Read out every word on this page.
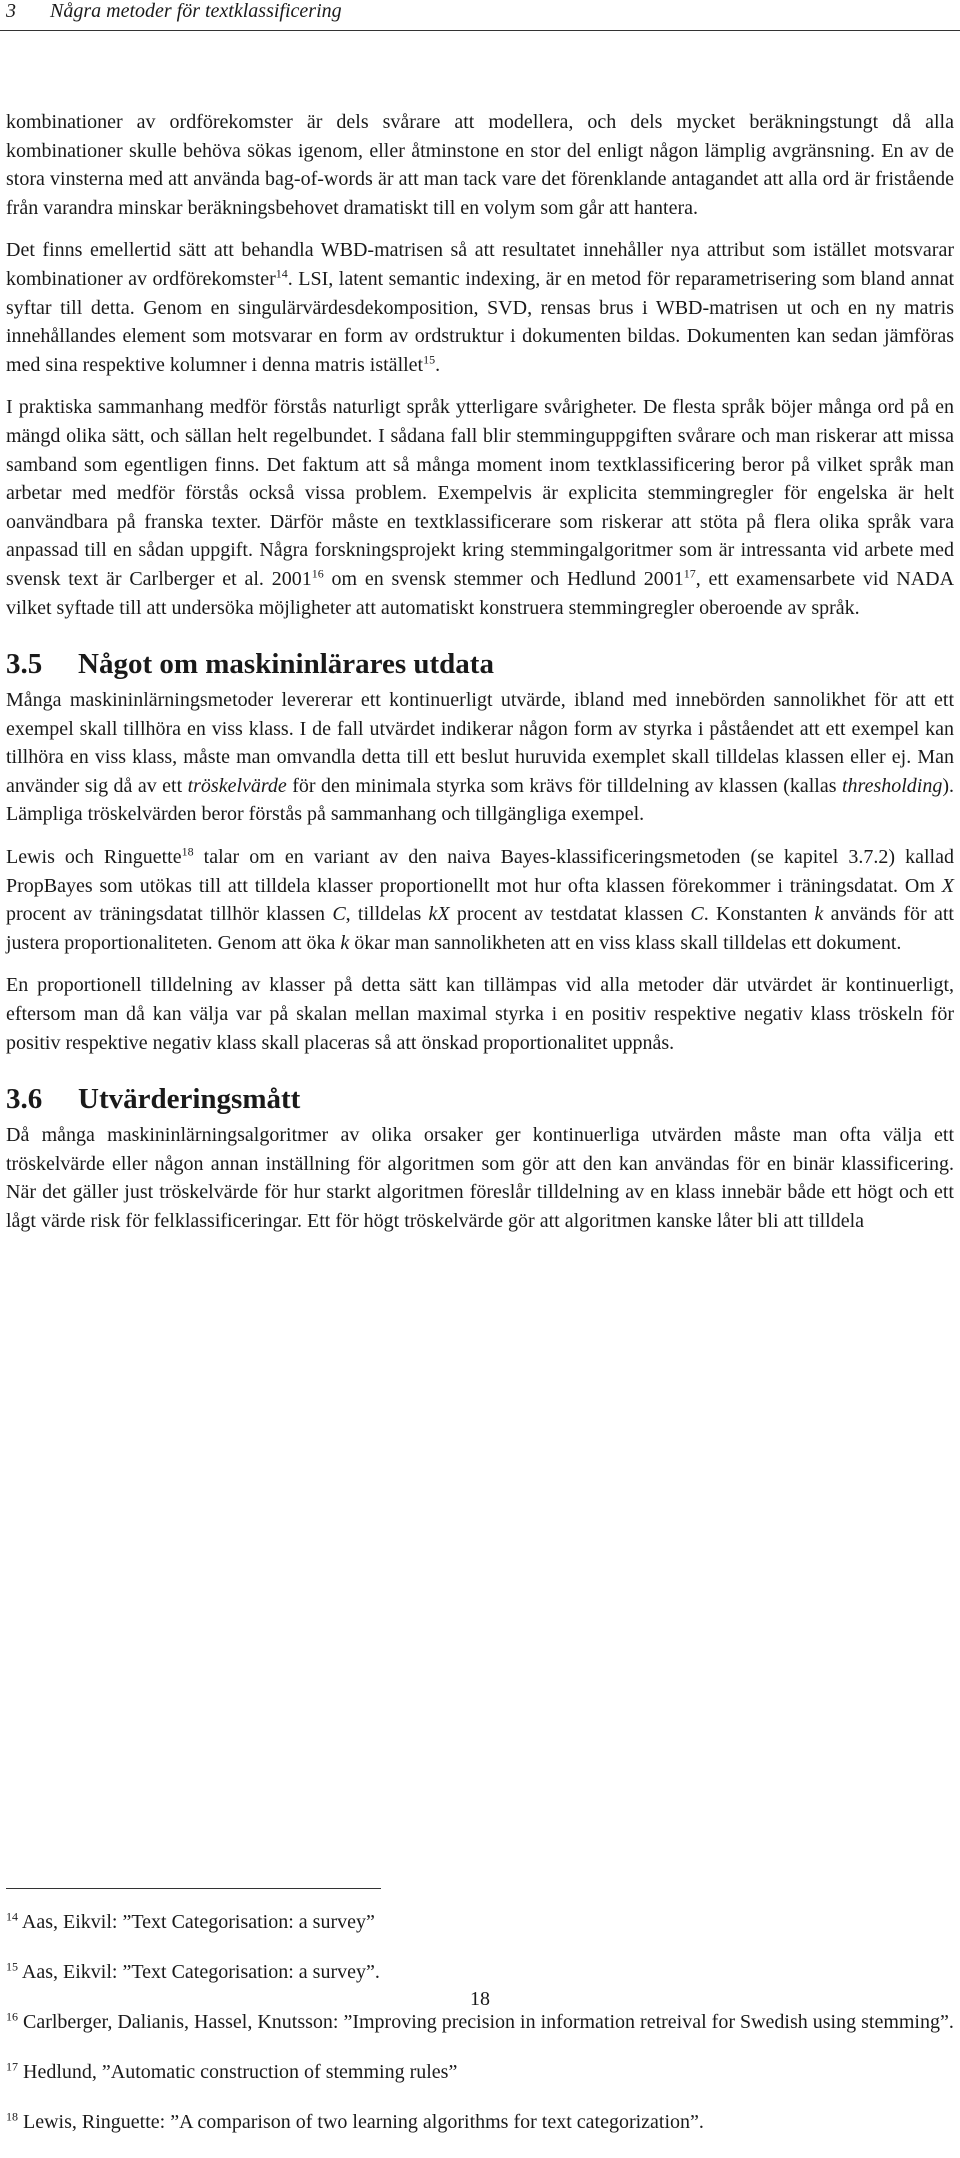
3 Några metoder för textklassificering

kombinationer av ordförekomster är dels svårare att modellera, och dels mycket beräkningstungt då alla kombinationer skulle behöva sökas igenom, eller åtminstone en stor del enligt någon lämplig avgränsning. En av de stora vinsterna med att använda bag-of-words är att man tack vare det förenklande antagandet att alla ord är fristående från varandra minskar beräkningsbehovet dramatiskt till en volym som går att hantera.

Det finns emellertid sätt att behandla WBD-matrisen så att resultatet innehåller nya attribut som istället motsvarar kombinationer av ordförekomster$^{14}$. LSI, latent semantic indexing, är en metod för reparametrisering som bland annat syftar till detta. Genom en singulärvärdesdekomposition, SVD, rensas brus i WBD-matrisen ut och en ny matris innehållandes element som motsvarar en form av ordstruktur i dokumenten bildas. Dokumenten kan sedan jämföras med sina respektive kolumner i denna matris istället$^{15}$.

I praktiska sammanhang medför förstås naturligt språk ytterligare svårigheter. De flesta språk böjer många ord på en mängd olika sätt, och sällan helt regelbundet. I sådana fall blir stemminguppgiften svårare och man riskerar att missa samband som egentligen finns. Det faktum att så många moment inom textklassificering beror på vilket språk man arbetar med medför förstås också vissa problem. Exempelvis är explicita stemmingregler för engelska är helt oanvändbara på franska texter. Därför måste en textklassificerare som riskerar att stöta på flera olika språk vara anpassad till en sådan uppgift. Några forskningsprojekt kring stemmingalgoritmer som är intressanta vid arbete med svensk text är Carlberger et al. 2001$^{16}$ om en svensk stemmer och Hedlund 2001$^{17}$, ett examensarbete vid NADA vilket syftade till att undersöka möjligheter att automatiskt konstruera stemmingregler oberoende av språk.

3.5 Något om maskininlärares utdata

Många maskininlärningsmetoder levererar ett kontinuerligt utvärde, ibland med innebörden sannolikhet för att ett exempel skall tillhöra en viss klass. I de fall utvärdet indikerar någon form av styrka i påståendet att ett exempel kan tillhöra en viss klass, måste man omvandla detta till ett beslut huruvida exemplet skall tilldelas klassen eller ej. Man använder sig då av ett tröskelvärde för den minimala styrka som krävs för tilldelning av klassen (kallas thresholding). Lämpliga tröskelvärden beror förstås på sammanhang och tillgängliga exempel.

Lewis och Ringuette$^{18}$ talar om en variant av den naiva Bayes-klassificeringsmetoden (se kapitel 3.7.2) kallad PropBayes som utökas till att tilldela klasser proportionellt mot hur ofta klassen förekommer i träningsdatat. Om X procent av träningsdatat tillhör klassen C, tilldelas kX procent av testdatat klassen C. Konstanten k används för att justera proportionaliteten. Genom att öka k ökar man sannolikheten att en viss klass skall tilldelas ett dokument.

En proportionell tilldelning av klasser på detta sätt kan tillämpas vid alla metoder där utvärdet är kontinuerligt, eftersom man då kan välja var på skalan mellan maximal styrka i en positiv respektive negativ klass tröskeln för positiv respektive negativ klass skall placeras så att önskad proportionalitet uppnås.

3.6 Utvärderingsmått

Då många maskininlärningsalgoritmer av olika orsaker ger kontinuerliga utvärden måste man ofta välja ett tröskelvärde eller någon annan inställning för algoritmen som gör att den kan användas för en binär klassificering. När det gäller just tröskelvärde för hur starkt algoritmen föreslår tilldelning av en klass innebär både ett högt och ett lågt värde risk för felklassificeringar. Ett för högt tröskelvärde gör att algoritmen kanske låter bli att tilldela

$^{14}$ Aas, Eikvil: ”Text Categorisation: a survey”
$^{15}$ Aas, Eikvil: ”Text Categorisation: a survey”.
$^{16}$ Carlberger, Dalianis, Hassel, Knutsson: ”Improving precision in information retreival for Swedish using stemming”.
$^{17}$ Hedlund, ”Automatic construction of stemming rules”
$^{18}$ Lewis, Ringuette: ”A comparison of two learning algorithms for text categorization”.
18
